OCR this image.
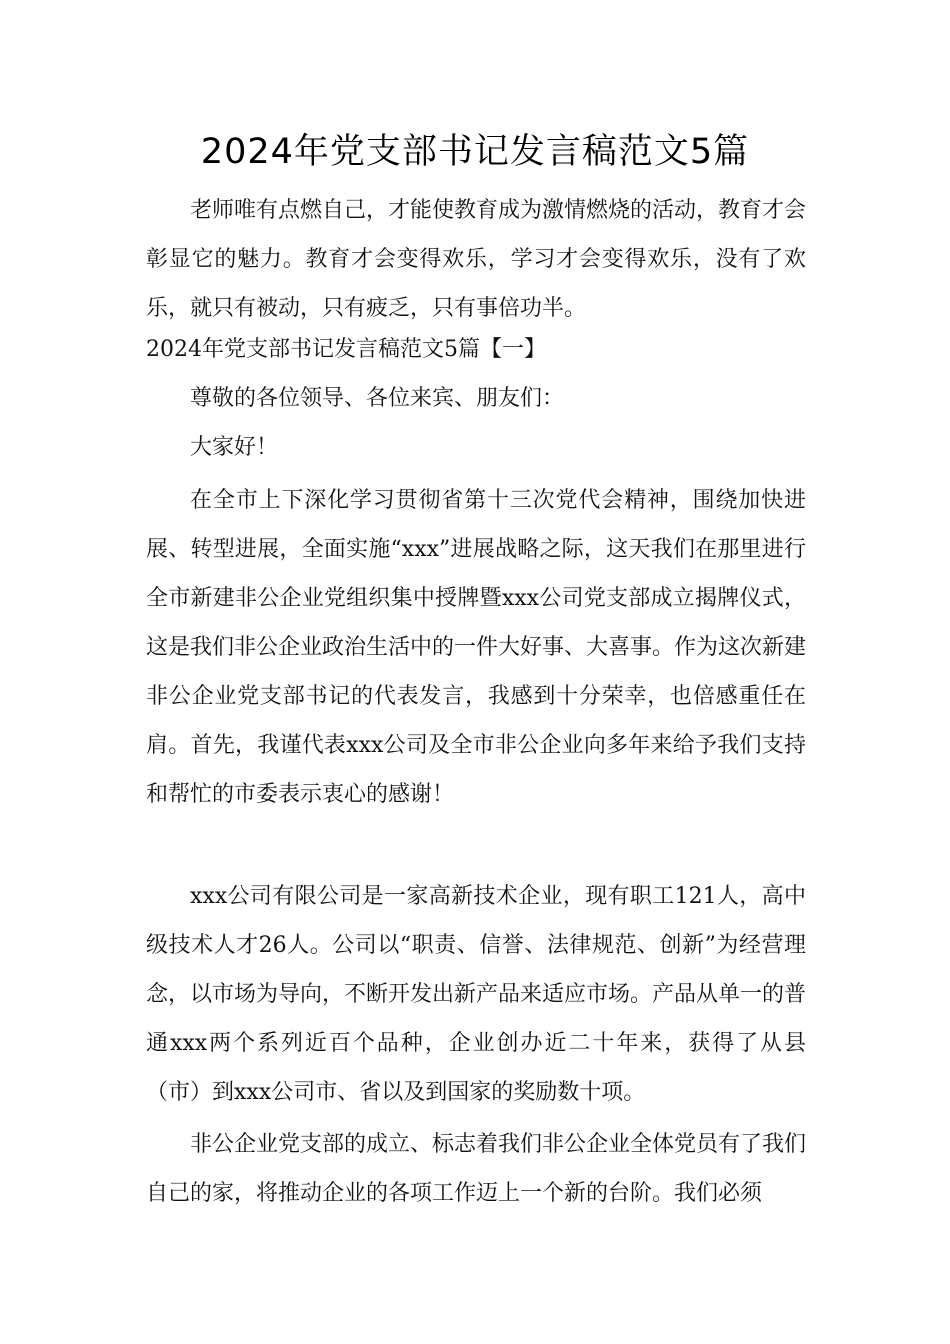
2024年党支部书记发言稿范文5篇
老师唯有点燃自己，才能使教育成为激情燃烧的活动，教育才会彰显它的魅力。教育才会变得欢乐，学习才会变得欢乐，没有了欢乐，就只有被动，只有疲乏，只有事倍功半。
2024年党支部书记发言稿范文5篇【一】
尊敬的各位领导、各位来宾、朋友们：
大家好！
在全市上下深化学习贯彻省第十三次党代会精神，围绕加快进展、转型进展，全面实施“xxx”进展战略之际，这天我们在那里进行全市新建非公企业党组织集中授牌暨xxx公司党支部成立揭牌仪式，这是我们非公企业政治生活中的一件大好事、大喜事。作为这次新建非公企业党支部书记的代表发言，我感到十分荣幸，也倍感重任在肩。首先，我谨代表xxx公司及全市非公企业向多年来给予我们支持和帮忙的市委表示衷心的感谢！
xxx公司有限公司是一家高新技术企业，现有职工121人，高中级技术人才26人。公司以“职责、信誉、法律规范、创新”为经营理念，以市场为导向，不断开发出新产品来适应市场。产品从单一的普通xxx两个系列近百个品种，企业创办近二十年来，获得了从县（市）到xxx公司市、省以及到国家的奖励数十项。
非公企业党支部的成立、标志着我们非公企业全体党员有了我们自己的家，将推动企业的各项工作迈上一个新的台阶。我们必须
